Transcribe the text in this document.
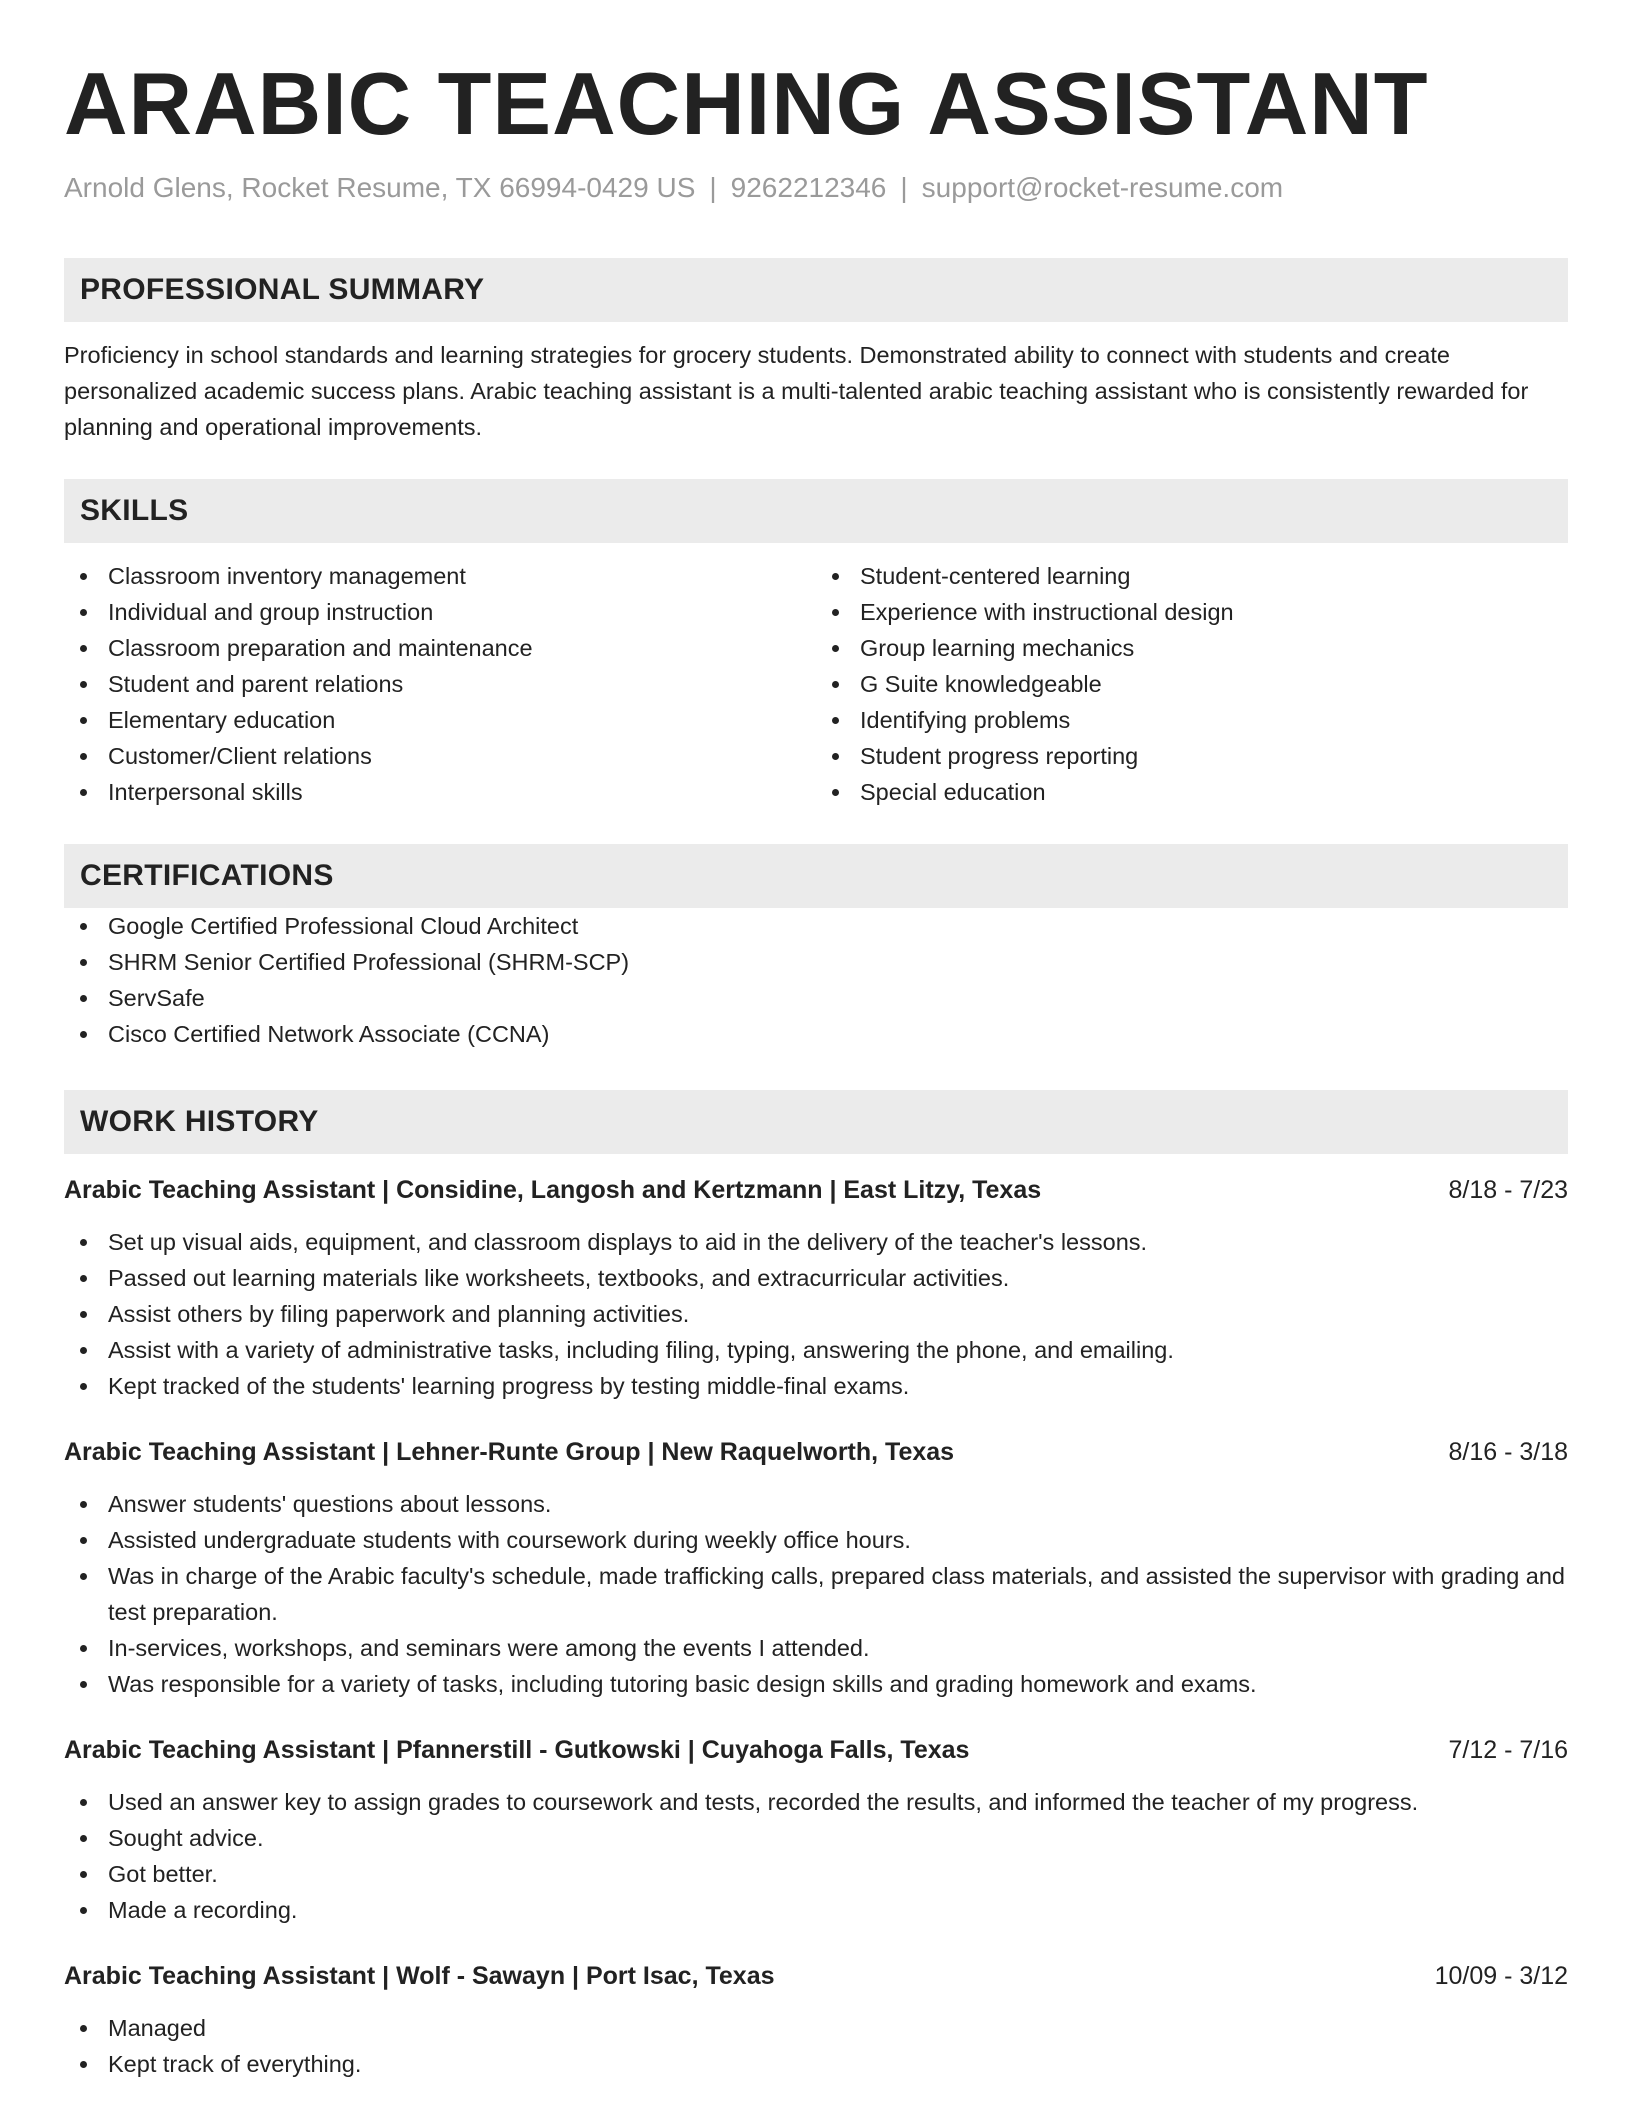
ARABIC TEACHING ASSISTANT
Arnold Glens, Rocket Resume, TX 66994-0429 US | 9262212346 | support@rocket-resume.com
PROFESSIONAL SUMMARY

Proficiency in school standards and learning strategies for grocery students. Demonstrated ability to connect with students and create personalized academic success plans. Arabic teaching assistant is a multi-talented arabic teaching assistant who is consistently rewarded for planning and operational improvements.

SKILLS
Classroom inventory management
Individual and group instruction
Classroom preparation and maintenance
Student and parent relations
Elementary education
Customer/Client relations
Interpersonal skills
Student-centered learning
Experience with instructional design
Group learning mechanics
G Suite knowledgeable
Identifying problems
Student progress reporting
Special education
CERTIFICATIONS
Google Certified Professional Cloud Architect
SHRM Senior Certified Professional (SHRM-SCP)
ServSafe
Cisco Certified Network Associate (CCNA)
WORK HISTORY
Arabic Teaching Assistant | Considine, Langosh and Kertzmann | East Litzy, Texas	8/18 - 7/23
Set up visual aids, equipment, and classroom displays to aid in the delivery of the teacher's lessons.
Passed out learning materials like worksheets, textbooks, and extracurricular activities.
Assist others by filing paperwork and planning activities.
Assist with a variety of administrative tasks, including filing, typing, answering the phone, and emailing.
Kept tracked of the students' learning progress by testing middle-final exams.
Arabic Teaching Assistant | Lehner-Runte Group | New Raquelworth, Texas	8/16 - 3/18
Answer students' questions about lessons.
Assisted undergraduate students with coursework during weekly office hours.
Was in charge of the Arabic faculty's schedule, made trafficking calls, prepared class materials, and assisted the supervisor with grading and test preparation.
In-services, workshops, and seminars were among the events I attended.
Was responsible for a variety of tasks, including tutoring basic design skills and grading homework and exams.
Arabic Teaching Assistant | Pfannerstill - Gutkowski | Cuyahoga Falls, Texas	7/12 - 7/16
Used an answer key to assign grades to coursework and tests, recorded the results, and informed the teacher of my progress.
Sought advice.
Got better.
Made a recording.
Arabic Teaching Assistant | Wolf - Sawayn | Port Isac, Texas	10/09 - 3/12
Managed
Kept track of everything.
